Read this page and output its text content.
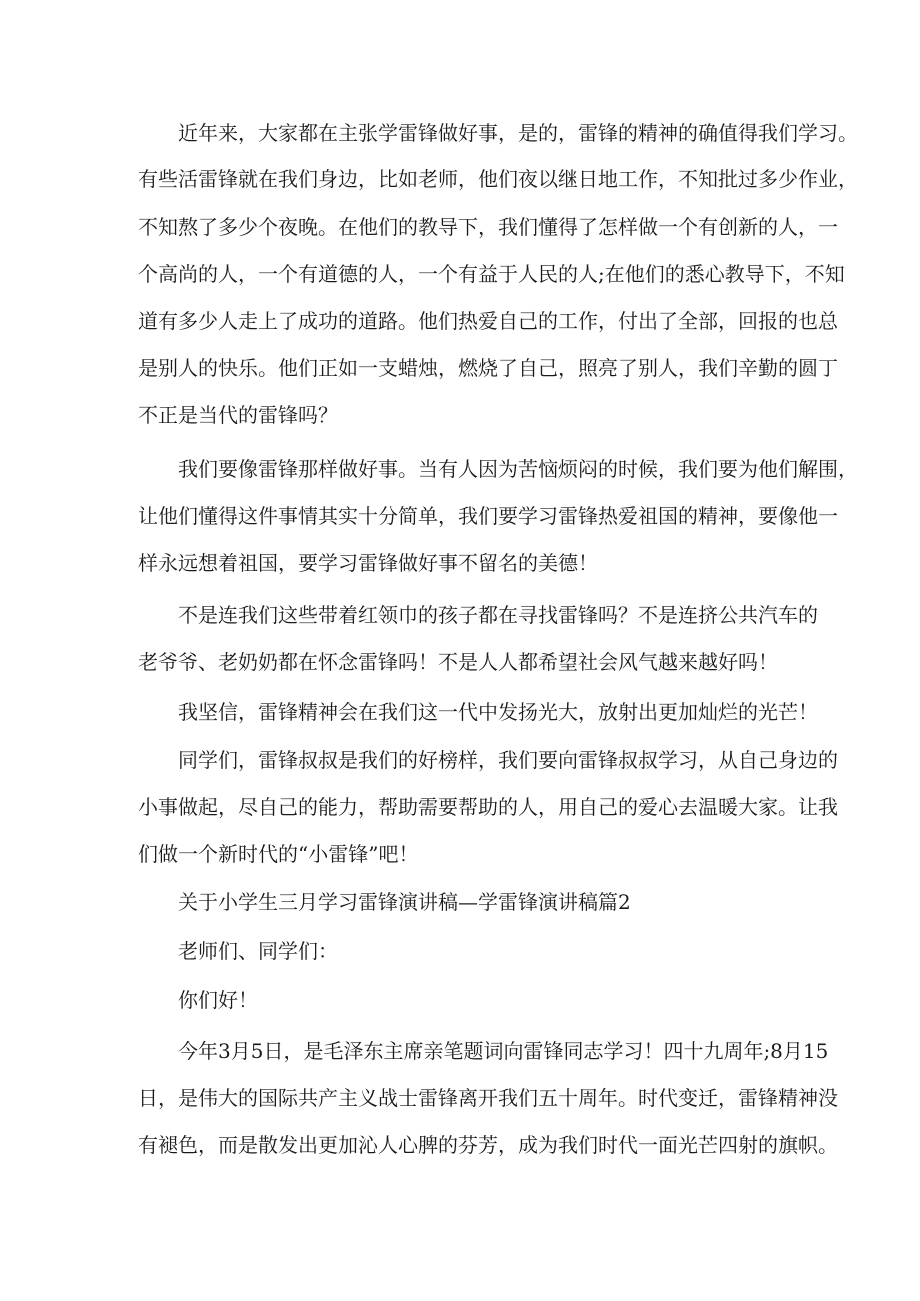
近年来，大家都在主张学雷锋做好事，是的，雷锋的精神的确值得我们学习。
有些活雷锋就在我们身边，比如老师，他们夜以继日地工作，不知批过多少作业，
不知熬了多少个夜晚。在他们的教导下，我们懂得了怎样做一个有创新的人，一
个高尚的人，一个有道德的人，一个有益于人民的人;在他们的悉心教导下，不知
道有多少人走上了成功的道路。他们热爱自己的工作，付出了全部，回报的也总
是别人的快乐。他们正如一支蜡烛，燃烧了自己，照亮了别人，我们辛勤的圆丁
不正是当代的雷锋吗？
我们要像雷锋那样做好事。当有人因为苦恼烦闷的时候，我们要为他们解围，
让他们懂得这件事情其实十分简单，我们要学习雷锋热爱祖国的精神，要像他一
样永远想着祖国，要学习雷锋做好事不留名的美德！
不是连我们这些带着红领巾的孩子都在寻找雷锋吗？不是连挤公共汽车的
老爷爷、老奶奶都在怀念雷锋吗！不是人人都希望社会风气越来越好吗！
我坚信，雷锋精神会在我们这一代中发扬光大，放射出更加灿烂的光芒！
同学们，雷锋叔叔是我们的好榜样，我们要向雷锋叔叔学习，从自己身边的
小事做起，尽自己的能力，帮助需要帮助的人，用自己的爱心去温暖大家。让我
们做一个新时代的“小雷锋”吧！
关于小学生三月学习雷锋演讲稿—学雷锋演讲稿篇2
老师们、同学们：
你们好！
今年3月5日，是毛泽东主席亲笔题词向雷锋同志学习！四十九周年;8月15
日，是伟大的国际共产主义战士雷锋离开我们五十周年。时代变迁，雷锋精神没
有褪色，而是散发出更加沁人心脾的芬芳，成为我们时代一面光芒四射的旗帜。
